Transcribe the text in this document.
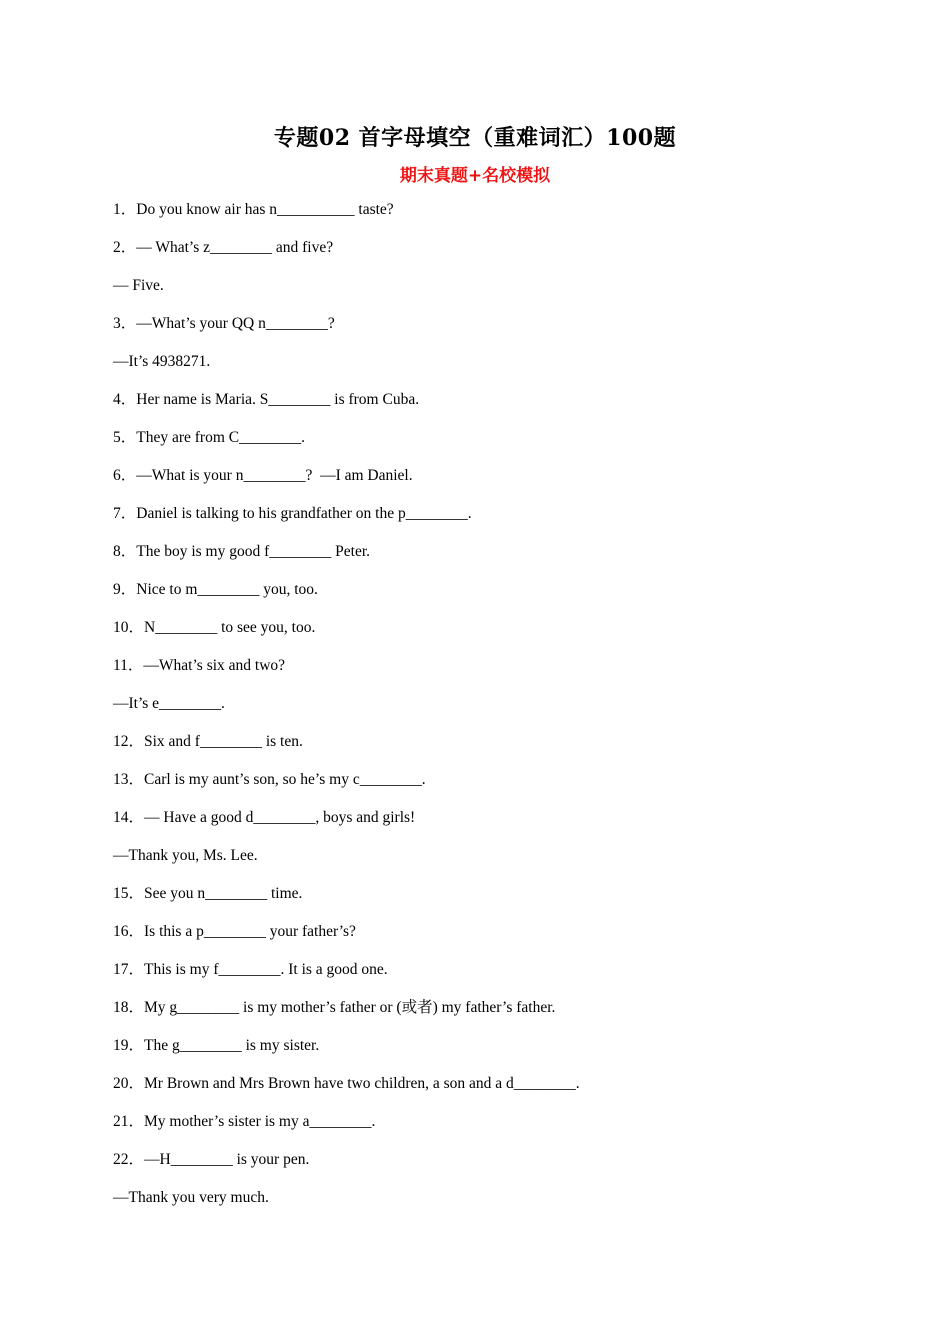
专题02 首字母填空（重难词汇）100题
期末真题+名校模拟
1．Do you know air has n__________ taste?
2．— What’s z________ and five?
— Five.
3．—What’s your QQ n________?
—It’s 4938271.
4．Her name is Maria. S________ is from Cuba.
5．They are from C________.
6．—What is your n________?  —I am Daniel.
7．Daniel is talking to his grandfather on the p________.
8．The boy is my good f________ Peter.
9．Nice to m________ you, too.
10．N________ to see you, too.
11．—What’s six and two?
—It’s e________.
12．Six and f________ is ten.
13．Carl is my aunt’s son, so he’s my c________.
14．— Have a good d________, boys and girls!
—Thank you, Ms. Lee.
15．See you n________ time.
16．Is this a p________ your father’s?
17．This is my f________. It is a good one.
18．My g________ is my mother’s father or (或者) my father’s father.
19．The g________ is my sister.
20．Mr Brown and Mrs Brown have two children, a son and a d________.
21．My mother’s sister is my a________.
22．—H________ is your pen.
—Thank you very much.
